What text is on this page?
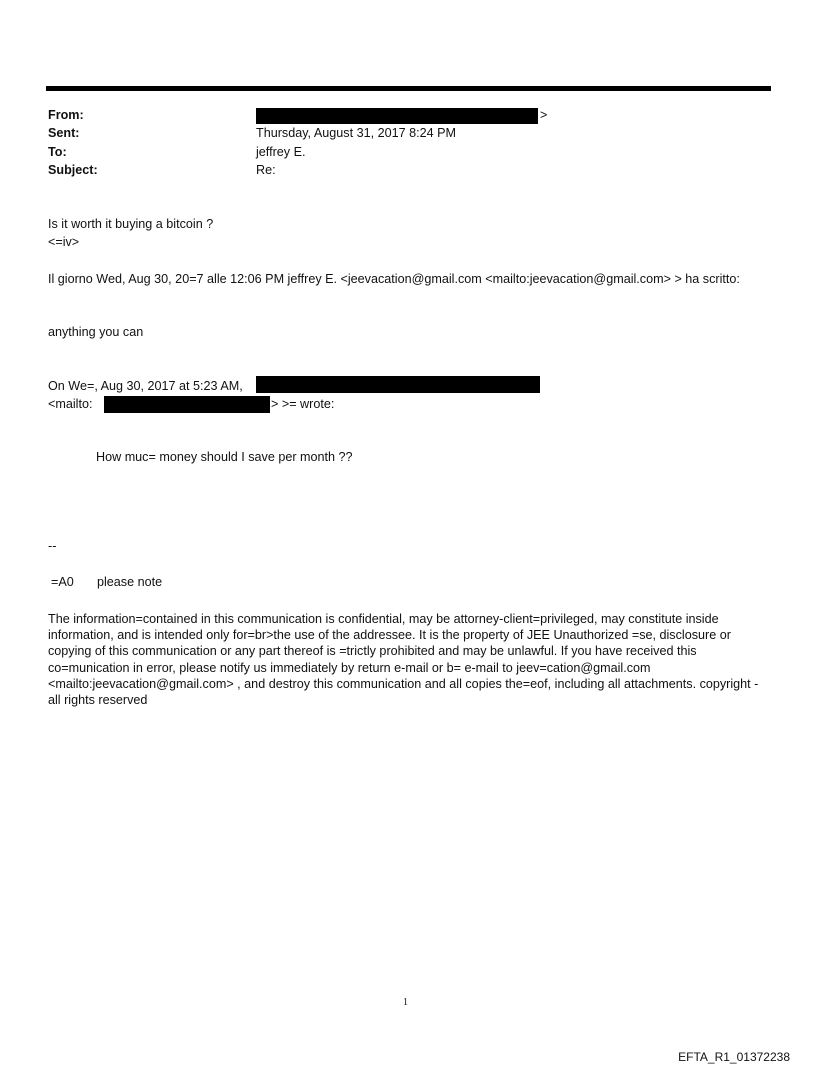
From:	>
Sent:	Thursday, August 31, 2017 8:24 PM
To:	jeffrey E.
Subject:	Re:
Is it worth it buying a bitcoin ?
<=iv>
Il giorno Wed, Aug 30, 20=7 alle 12:06 PM jeffrey E. <jeevacation@gmail.com <mailto:jeevacation@gmail.com> > ha scritto:
anything you can
On We=, Aug 30, 2017 at 5:23 AM,
<mailto:	> >= wrote:
How muc= money should I save per month ??
--
=A0 please note
The information=contained in this communication is confidential, may be attorney-client=privileged, may constitute inside information, and is intended only for=br>the use of the addressee. It is the property of JEE Unauthorized =se, disclosure or copying of this communication or any part thereof is =trictly prohibited and may be unlawful. If you have received this co=munication in error, please notify us immediately by return e-mail or b= e-mail to jeev=cation@gmail.com <mailto:jeevacation@gmail.com> , and destroy this communication and all copies the=eof, including all attachments. copyright -all rights reserved
1
EFTA_R1_01372238
